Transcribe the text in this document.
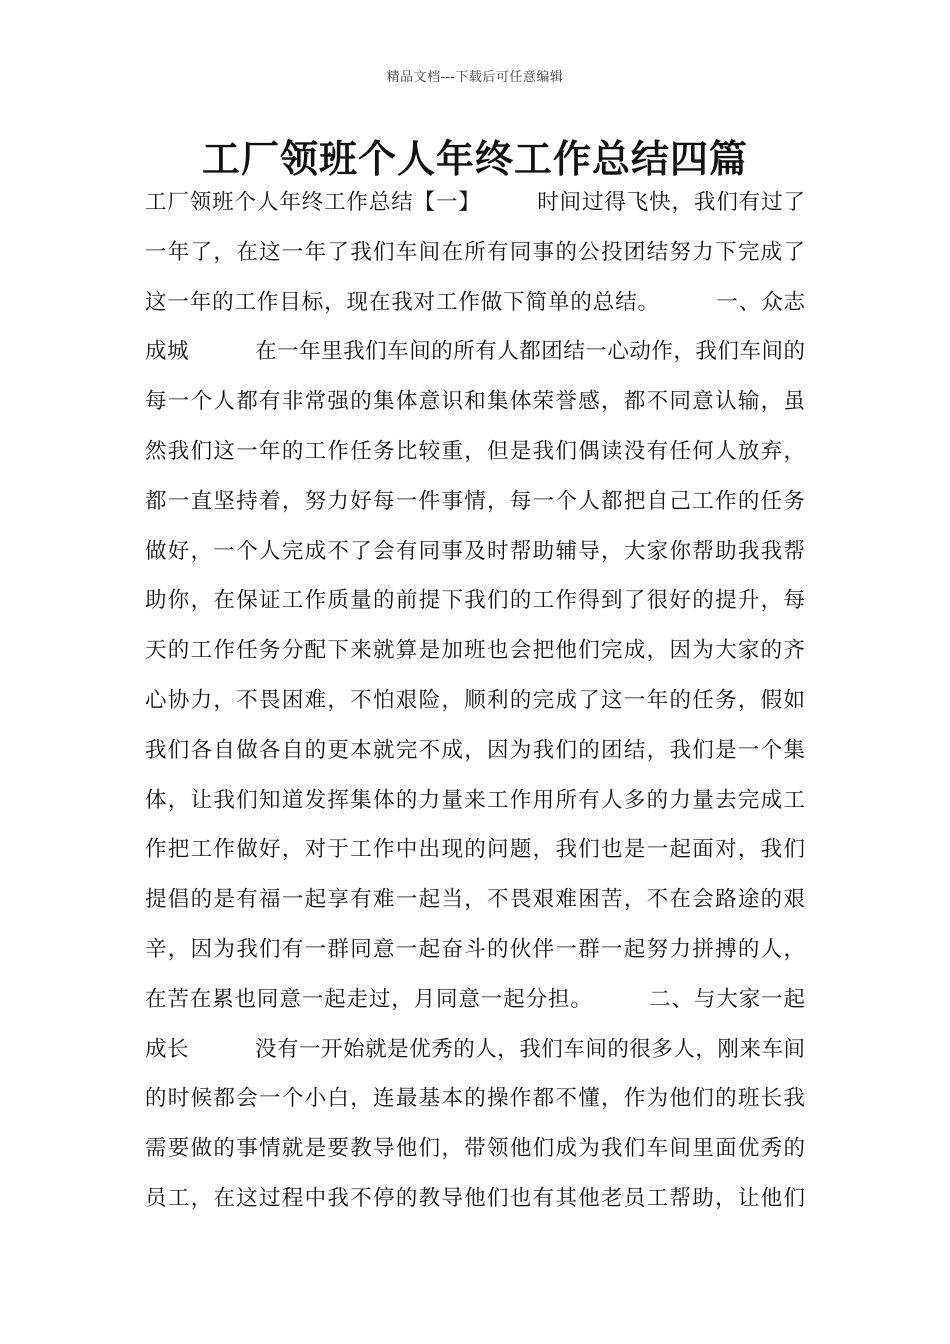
精品文档---下载后可任意编辑
工厂领班个人年终工作总结四篇
工厂领班个人年终工作总结【一】　　　时间过得飞快，我们有过了
一年了，在这一年了我们车间在所有同事的公投团结努力下完成了
这一年的工作目标，现在我对工作做下简单的总结。　　　一、众志
成城　　　在一年里我们车间的所有人都团结一心动作，我们车间的
每一个人都有非常强的集体意识和集体荣誉感，都不同意认输，虽
然我们这一年的工作任务比较重，但是我们偶读没有任何人放弃，
都一直坚持着，努力好每一件事情，每一个人都把自己工作的任务
做好，一个人完成不了会有同事及时帮助辅导，大家你帮助我我帮
助你，在保证工作质量的前提下我们的工作得到了很好的提升，每
天的工作任务分配下来就算是加班也会把他们完成，因为大家的齐
心协力，不畏困难，不怕艰险，顺利的完成了这一年的任务，假如
我们各自做各自的更本就完不成，因为我们的团结，我们是一个集
体，让我们知道发挥集体的力量来工作用所有人多的力量去完成工
作把工作做好，对于工作中出现的问题，我们也是一起面对，我们
提倡的是有福一起享有难一起当，不畏艰难困苦，不在会路途的艰
辛，因为我们有一群同意一起奋斗的伙伴一群一起努力拼搏的人，
在苦在累也同意一起走过，月同意一起分担。　　　二、与大家一起
成长　　　没有一开始就是优秀的人，我们车间的很多人，刚来车间
的时候都会一个小白，连最基本的操作都不懂，作为他们的班长我
需要做的事情就是要教导他们，带领他们成为我们车间里面优秀的
员工，在这过程中我不停的教导他们也有其他老员工帮助，让他们
